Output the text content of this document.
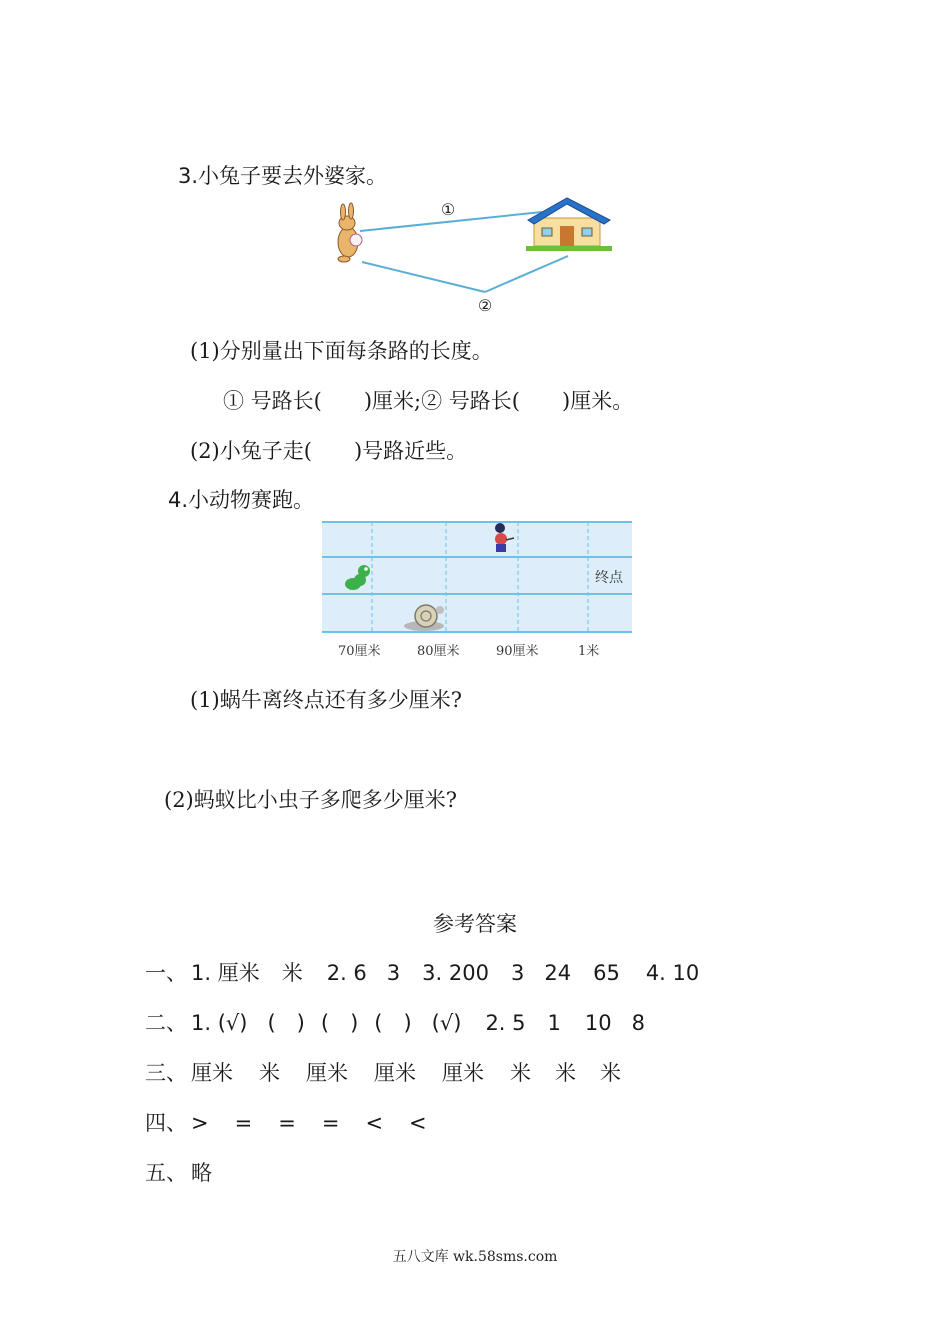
3.小兔子要去外婆家。
①
②
(1)分别量出下面每条路的长度。
① 号路长(　　)厘米;② 号路长(　　)厘米。
(2)小兔子走(　　)号路近些。
4.小动物赛跑。
终点
70厘米	80厘米	90厘米	1米
(1)蜗牛离终点还有多少厘米?
(2)蚂蚁比小虫子多爬多少厘米?
参考答案
一、 1. 厘米 米 2. 6 3 3. 200 3 24 65 4. 10
二、 1. (√) (　) (　) (　) (√) 2. 5 1 10 8
三、 厘米 米 厘米 厘米 厘米 米 米 米
四、 > = = = < <
五、 略
五八文库 wk.58sms.com
